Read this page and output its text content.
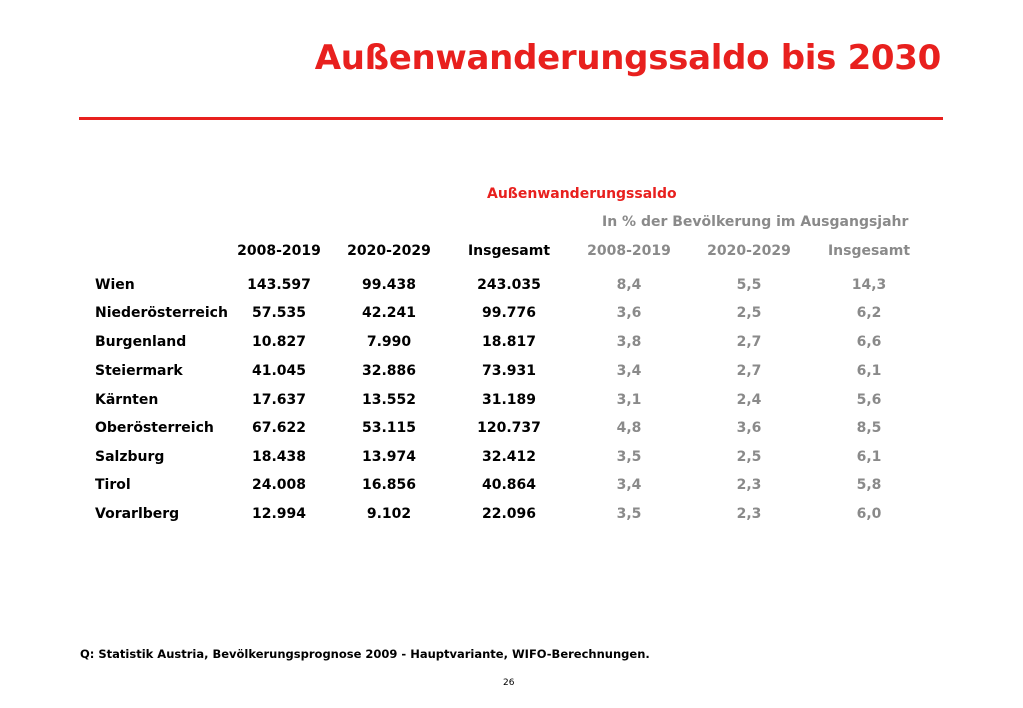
Außenwanderungssaldo bis 2030
Außenwanderungssaldo
In % der Bevölkerung im Ausgangsjahr
2008-2019	2020-2029	Insgesamt	2008-2019	2020-2029	Insgesamt
Wien	143.597	99.438	243.035	8,4	5,5	14,3
Niederösterreich	57.535	42.241	99.776	3,6	2,5	6,2
Burgenland	10.827	7.990	18.817	3,8	2,7	6,6
Steiermark	41.045	32.886	73.931	3,4	2,7	6,1
Kärnten	17.637	13.552	31.189	3,1	2,4	5,6
Oberösterreich	67.622	53.115	120.737	4,8	3,6	8,5
Salzburg	18.438	13.974	32.412	3,5	2,5	6,1
Tirol	24.008	16.856	40.864	3,4	2,3	5,8
Vorarlberg	12.994	9.102	22.096	3,5	2,3	6,0
Q: Statistik Austria, Bevölkerungsprognose 2009 - Hauptvariante, WIFO-Berechnungen.
26
